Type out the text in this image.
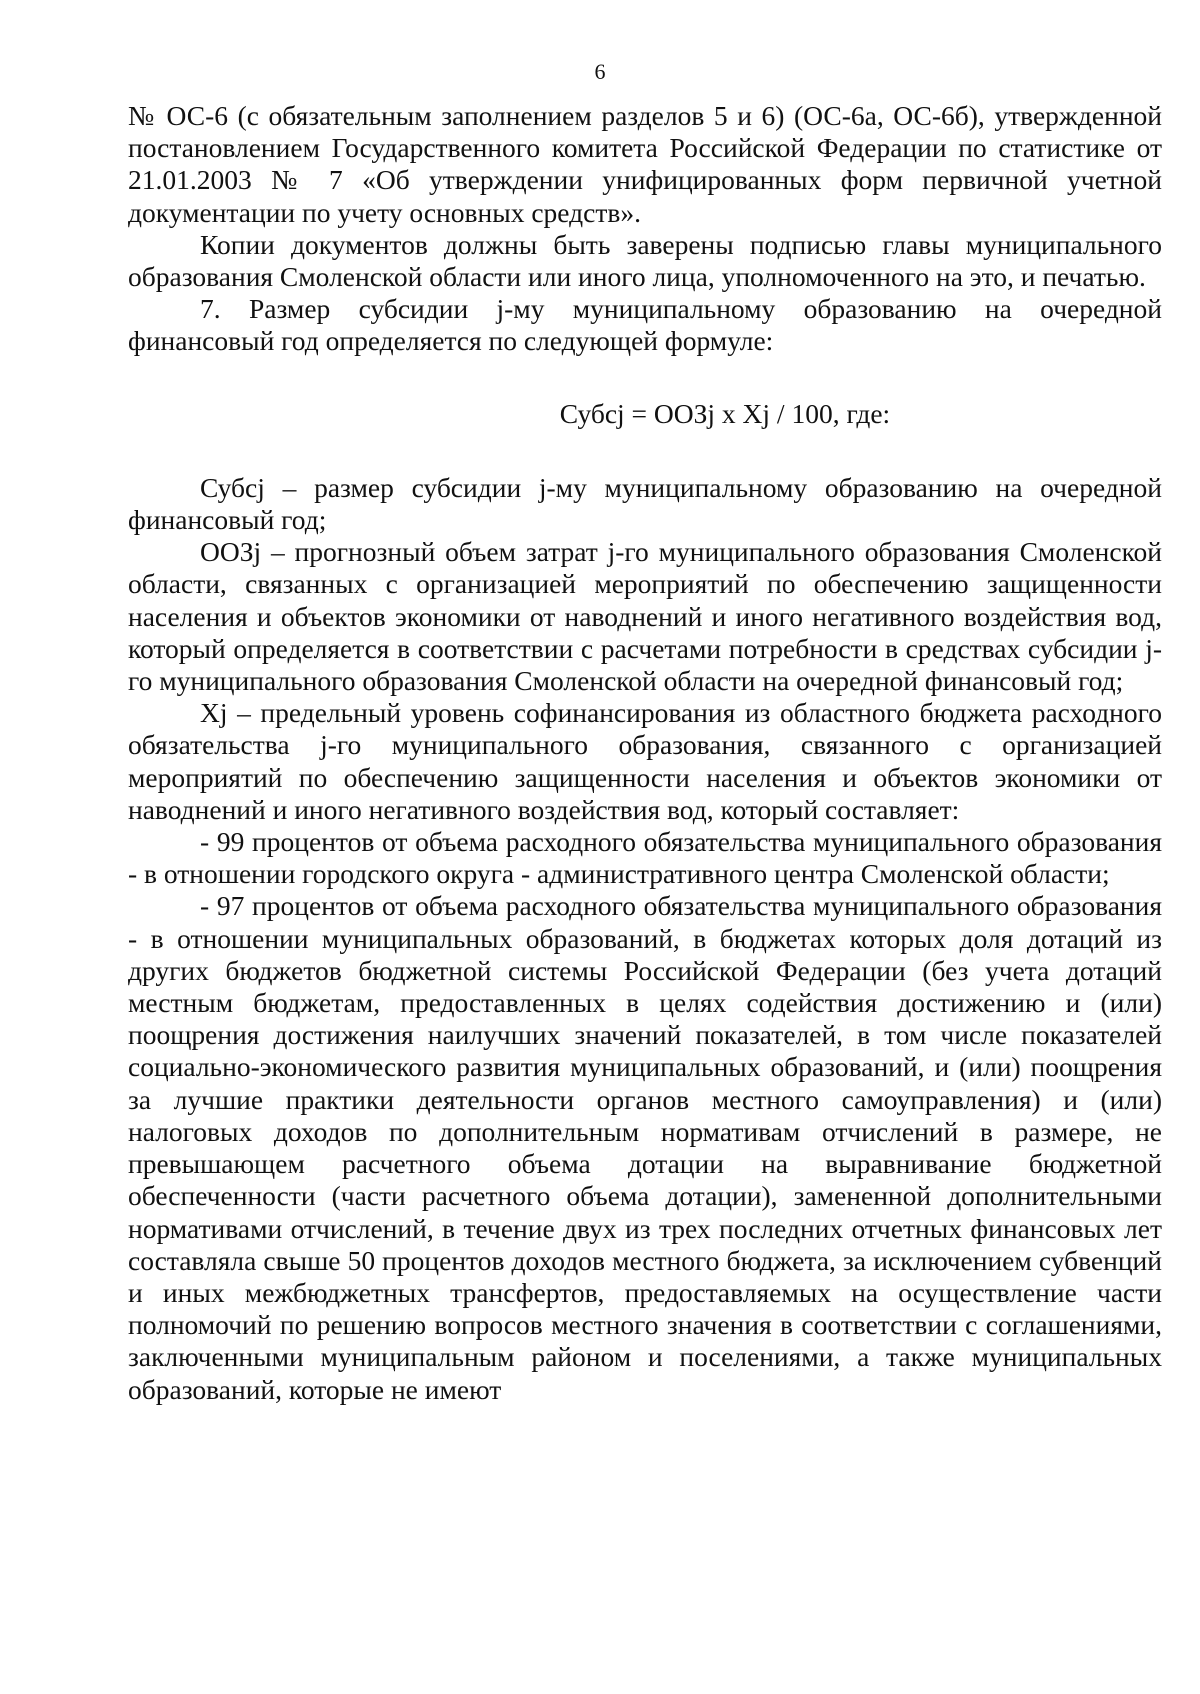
6

№ ОС-6 (с обязательным заполнением разделов 5 и 6) (ОС-6а, ОС-6б), утвержденной постановлением Государственного комитета Российской Федерации по статистике от 21.01.2003 № 7 «Об утверждении унифицированных форм первичной учетной документации по учету основных средств».

Копии документов должны быть заверены подписью главы муниципального образования Смоленской области или иного лица, уполномоченного на это, и печатью.

7. Размер субсидии j-му муниципальному образованию на очередной финансовый год определяется по следующей формуле:

Субсj = ООЗj х Xj / 100, где:

Субсj – размер субсидии j-му муниципальному образованию на очередной финансовый год;

ООЗj – прогнозный объем затрат j-го муниципального образования Смоленской области, связанных с организацией мероприятий по обеспечению защищенности населения и объектов экономики от наводнений и иного негативного воздействия вод, который определяется в соответствии с расчетами потребности в средствах субсидии j-го муниципального образования Смоленской области на очередной финансовый год;

Xj – предельный уровень софинансирования из областного бюджета расходного обязательства j-го муниципального образования, связанного с организацией мероприятий по обеспечению защищенности населения и объектов экономики от наводнений и иного негативного воздействия вод, который составляет:

- 99 процентов от объема расходного обязательства муниципального образования - в отношении городского округа - административного центра Смоленской области;

- 97 процентов от объема расходного обязательства муниципального образования - в отношении муниципальных образований, в бюджетах которых доля дотаций из других бюджетов бюджетной системы Российской Федерации (без учета дотаций местным бюджетам, предоставленных в целях содействия достижению и (или) поощрения достижения наилучших значений показателей, в том числе показателей социально-экономического развития муниципальных образований, и (или) поощрения за лучшие практики деятельности органов местного самоуправления) и (или) налоговых доходов по дополнительным нормативам отчислений в размере, не превышающем расчетного объема дотации на выравнивание бюджетной обеспеченности (части расчетного объема дотации), замененной дополнительными нормативами отчислений, в течение двух из трех последних отчетных финансовых лет составляла свыше 50 процентов доходов местного бюджета, за исключением субвенций и иных межбюджетных трансфертов, предоставляемых на осуществление части полномочий по решению вопросов местного значения в соответствии с соглашениями, заключенными муниципальным районом и поселениями, а также муниципальных образований, которые не имеют
